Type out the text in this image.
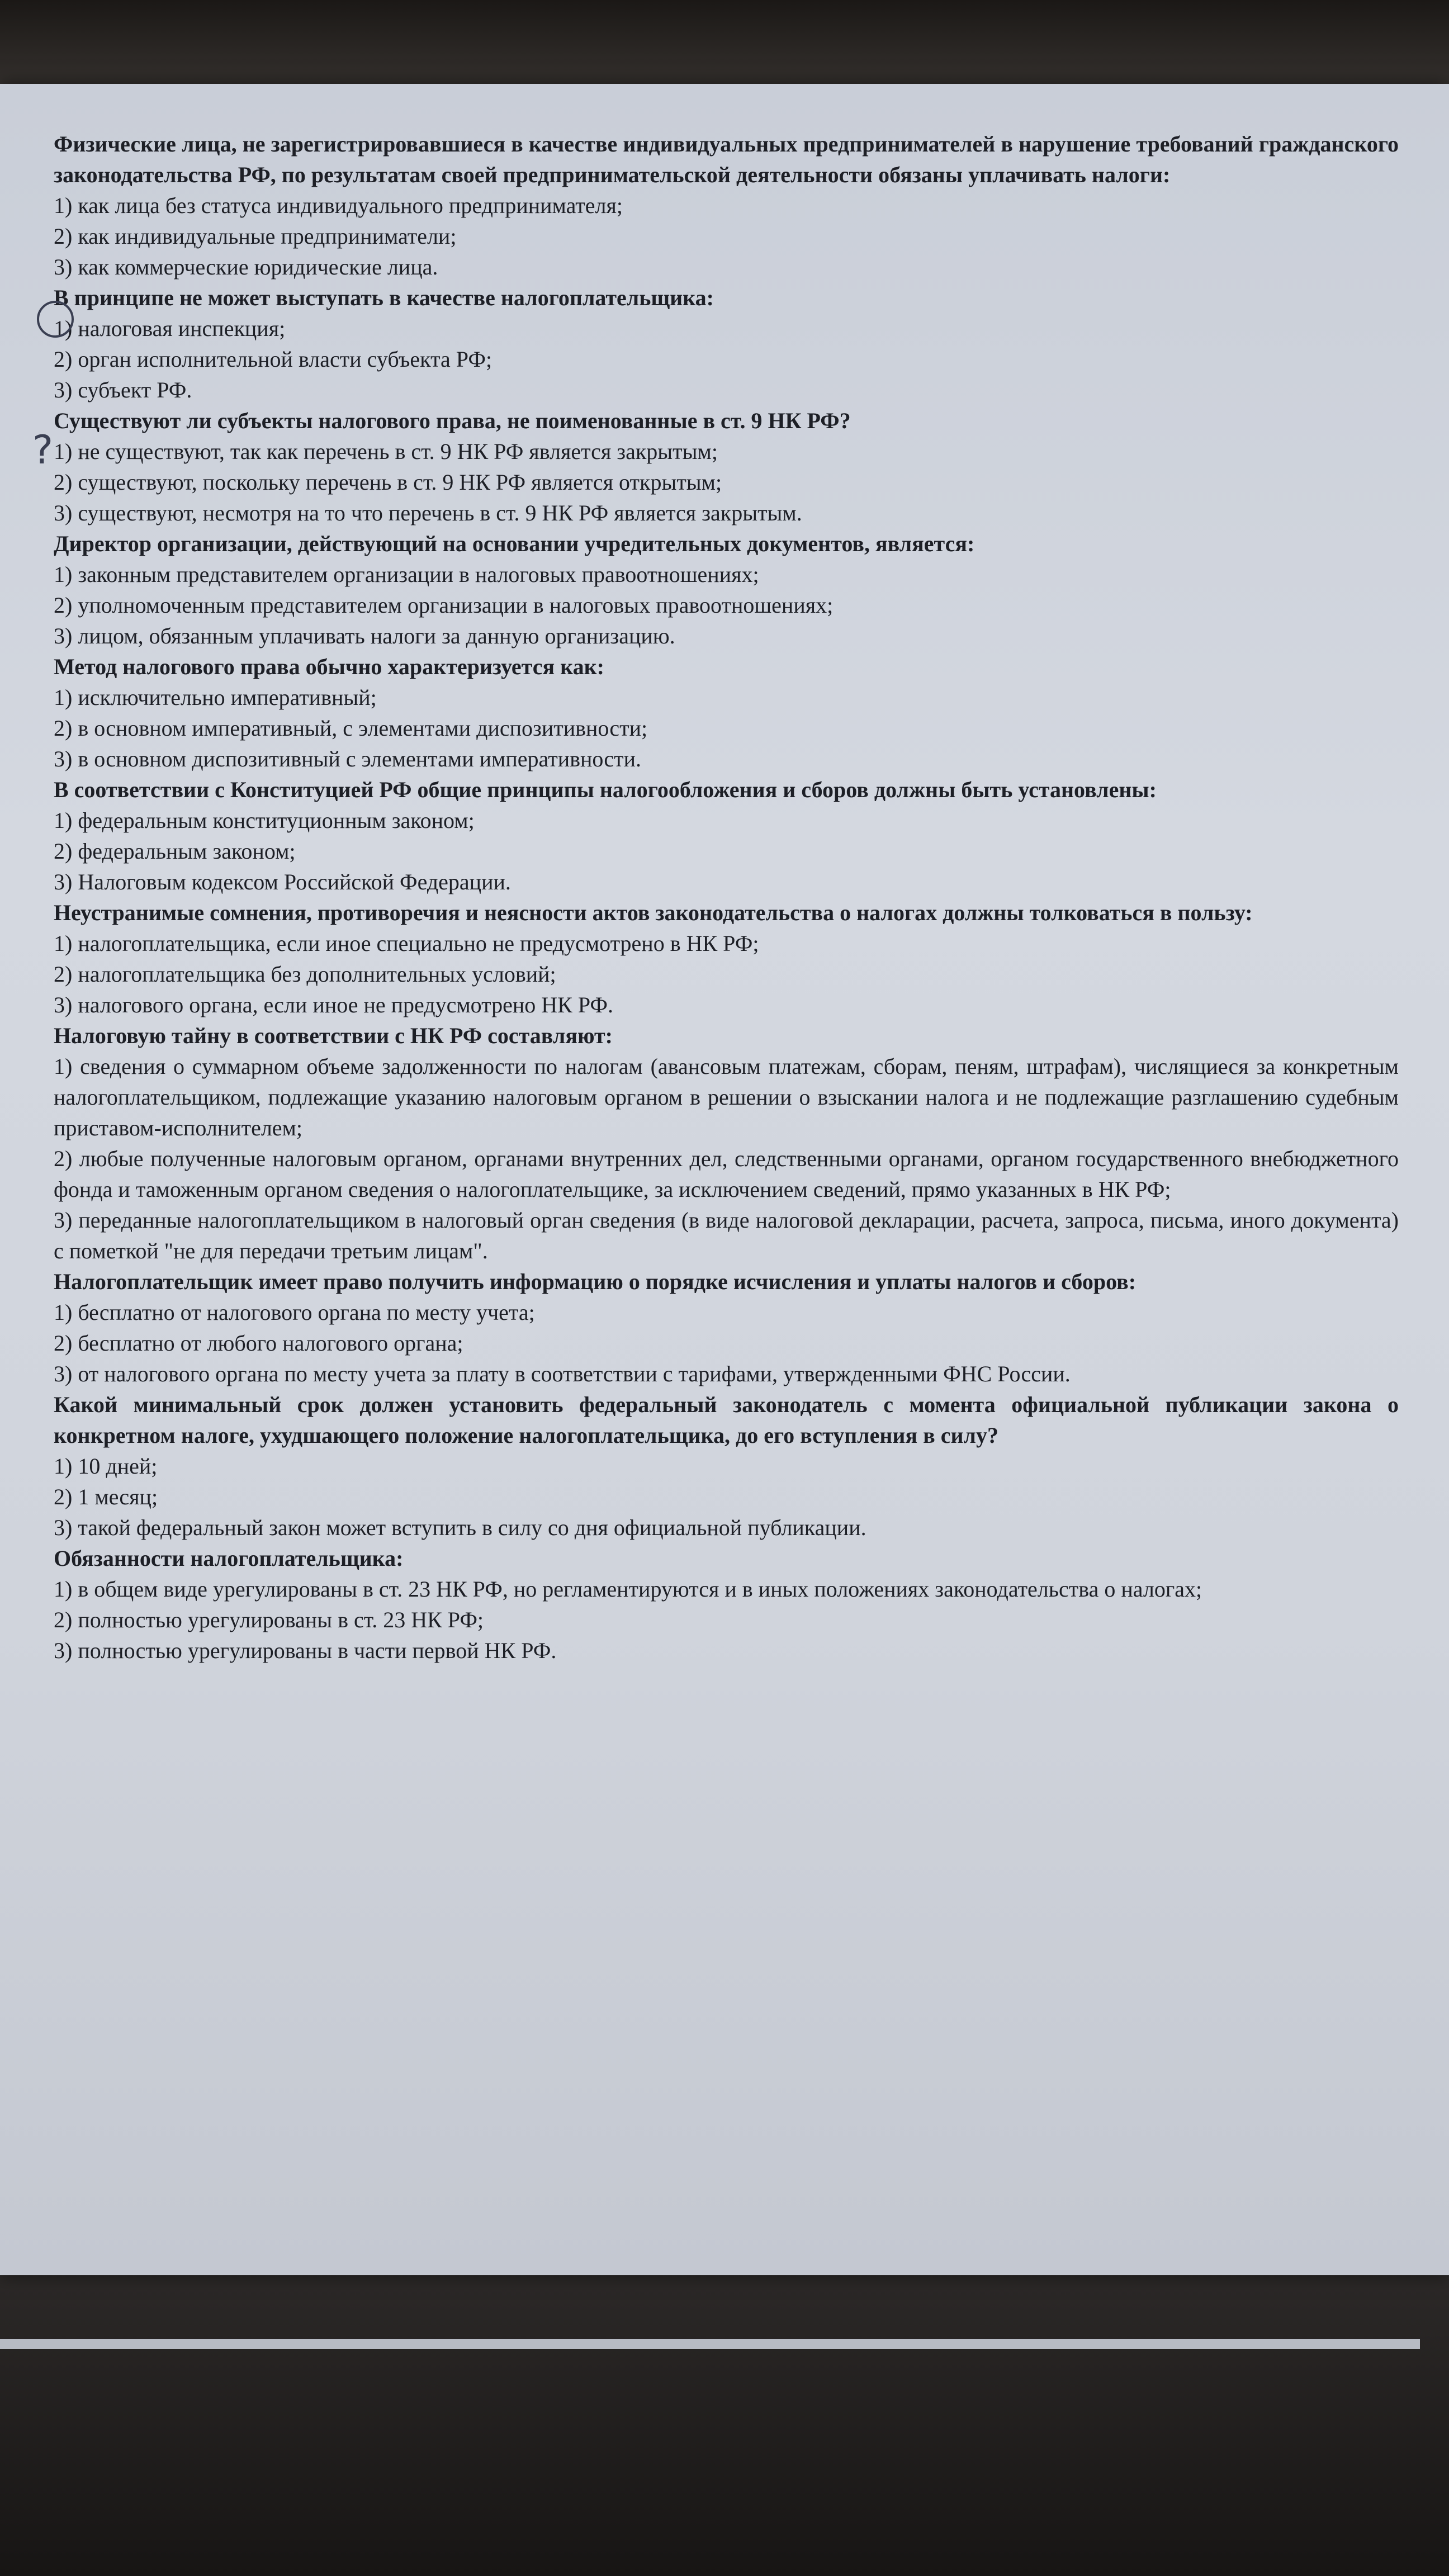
Физические лица, не зарегистрировавшиеся в качестве индивидуальных предпринимателей в нарушение требований гражданского законодательства РФ, по результатам своей предпринимательской деятельности обязаны уплачивать налоги:

1) как лица без статуса индивидуального предпринимателя;

2) как индивидуальные предприниматели;

3) как коммерческие юридические лица.

В принципе не может выступать в качестве налогоплательщика:

1) налоговая инспекция;

2) орган исполнительной власти субъекта РФ;

3) субъект РФ.

Существуют ли субъекты налогового права, не поименованные в ст. 9 НК РФ?

1) не существуют, так как перечень в ст. 9 НК РФ является закрытым;

2) существуют, поскольку перечень в ст. 9 НК РФ является открытым;

3) существуют, несмотря на то что перечень в ст. 9 НК РФ является закрытым.

Директор организации, действующий на основании учредительных документов, является:

1) законным представителем организации в налоговых правоотношениях;

2) уполномоченным представителем организации в налоговых правоотношениях;

3) лицом, обязанным уплачивать налоги за данную организацию.

Метод налогового права обычно характеризуется как:

1) исключительно императивный;

2) в основном императивный, с элементами диспозитивности;

3) в основном диспозитивный с элементами императивности.

В соответствии с Конституцией РФ общие принципы налогообложения и сборов должны быть установлены:

1) федеральным конституционным законом;

2) федеральным законом;

3) Налоговым кодексом Российской Федерации.

Неустранимые сомнения, противоречия и неясности актов законодательства о налогах должны толковаться в пользу:

1) налогоплательщика, если иное специально не предусмотрено в НК РФ;

2) налогоплательщика без дополнительных условий;

3) налогового органа, если иное не предусмотрено НК РФ.

Налоговую тайну в соответствии с НК РФ составляют:

1) сведения о суммарном объеме задолженности по налогам (авансовым платежам, сборам, пеням, штрафам), числящиеся за конкретным налогоплательщиком, подлежащие указанию налоговым органом в решении о взыскании налога и не подлежащие разглашению судебным приставом-исполнителем;

2) любые полученные налоговым органом, органами внутренних дел, следственными органами, органом государственного внебюджетного фонда и таможенным органом сведения о налогоплательщике, за исключением сведений, прямо указанных в НК РФ;

3) переданные налогоплательщиком в налоговый орган сведения (в виде налоговой декларации, расчета, запроса, письма, иного документа) с пометкой "не для передачи третьим лицам".

Налогоплательщик имеет право получить информацию о порядке исчисления и уплаты налогов и сборов:

1) бесплатно от налогового органа по месту учета;

2) бесплатно от любого налогового органа;

3) от налогового органа по месту учета за плату в соответствии с тарифами, утвержденными ФНС России.

Какой минимальный срок должен установить федеральный законодатель с момента официальной публикации закона о конкретном налоге, ухудшающего положение налогоплательщика, до его вступления в силу?

1) 10 дней;

2) 1 месяц;

3) такой федеральный закон может вступить в силу со дня официальной публикации.

Обязанности налогоплательщика:

1) в общем виде урегулированы в ст. 23 НК РФ, но регламентируются и в иных положениях законодательства о налогах;

2) полностью урегулированы в ст. 23 НК РФ;

3) полностью урегулированы в части первой НК РФ.

?
